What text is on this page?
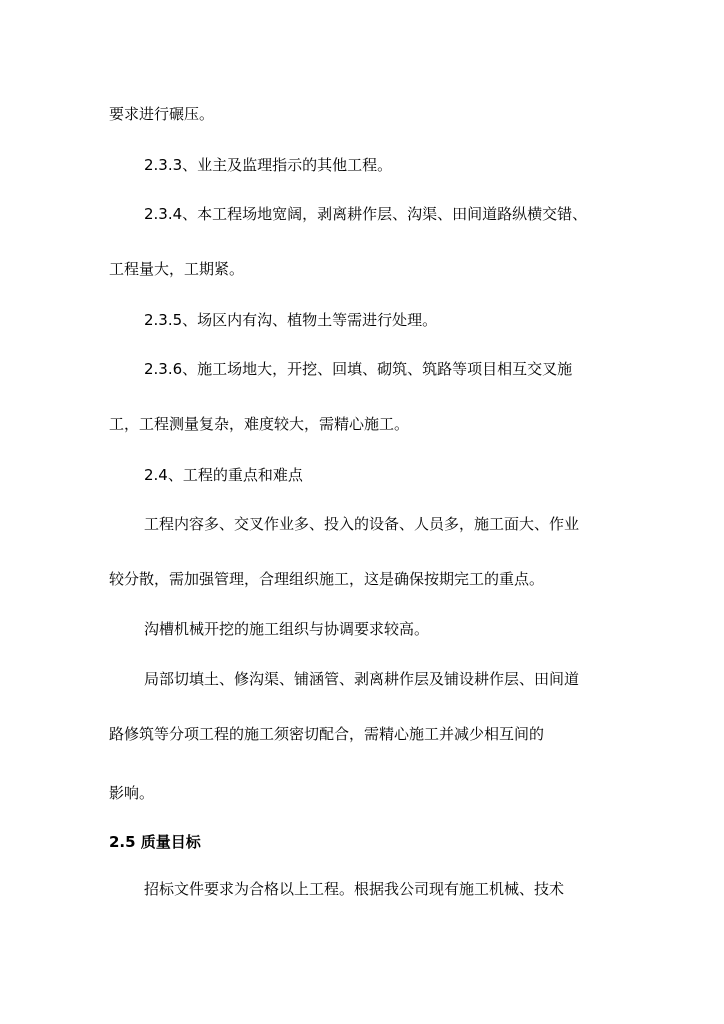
要求进行碾压。
2.3.3、业主及监理指示的其他工程。
2.3.4、本工程场地宽阔，剥离耕作层、沟渠、田间道路纵横交错、
工程量大，工期紧。
2.3.5、场区内有沟、植物土等需进行处理。
2.3.6、施工场地大，开挖、回填、砌筑、筑路等项目相互交叉施
工，工程测量复杂，难度较大，需精心施工。
2.4、工程的重点和难点
工程内容多、交叉作业多、投入的设备、人员多，施工面大、作业
较分散，需加强管理，合理组织施工，这是确保按期完工的重点。
沟槽机械开挖的施工组织与协调要求较高。
局部切填土、修沟渠、铺涵管、剥离耕作层及铺设耕作层、田间道
路修筑等分项工程的施工须密切配合，需精心施工并减少相互间的
影响。
2.5 质量目标
招标文件要求为合格以上工程。根据我公司现有施工机械、技术
